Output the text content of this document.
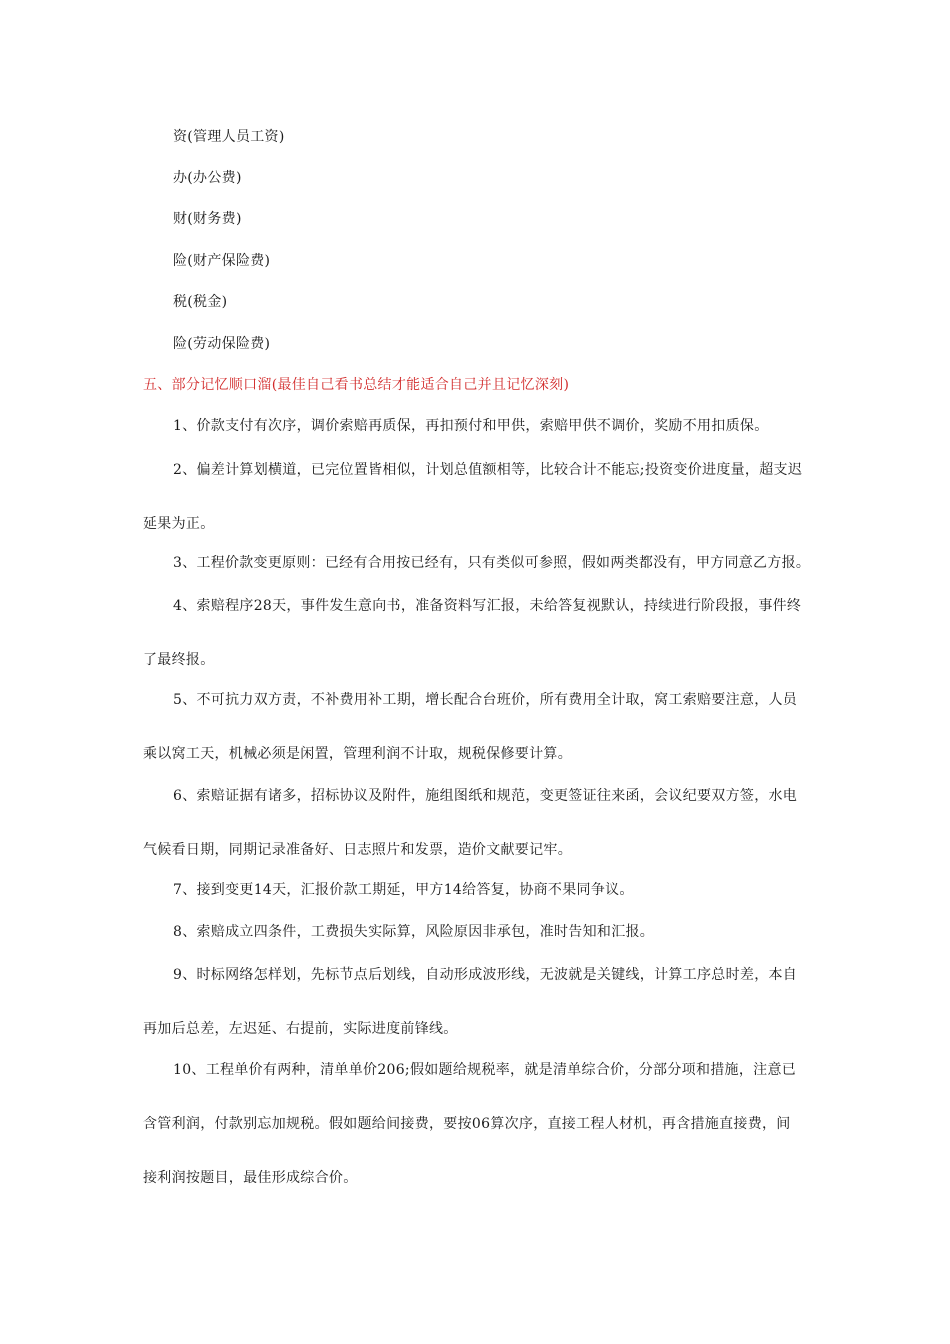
资(管理人员工资)
办(办公费)
财(财务费)
险(财产保险费)
税(税金)
险(劳动保险费)
五、部分记忆顺口溜(最佳自己看书总结才能适合自己并且记忆深刻)
1、价款支付有次序，调价索赔再质保，再扣预付和甲供，索赔甲供不调价，奖励不用扣质保。
2、偏差计算划横道，已完位置皆相似，计划总值额相等，比较合计不能忘;投资变价进度量，超支迟
延果为正。
3、工程价款变更原则：已经有合用按已经有，只有类似可参照，假如两类都没有，甲方同意乙方报。
4、索赔程序28天，事件发生意向书，准备资料写汇报，未给答复视默认，持续进行阶段报，事件终
了最终报。
5、不可抗力双方责，不补费用补工期，增长配合台班价，所有费用全计取，窝工索赔要注意，人员
乘以窝工天，机械必须是闲置，管理利润不计取，规税保修要计算。
6、索赔证据有诸多，招标协议及附件，施组图纸和规范，变更签证往来函，会议纪要双方签，水电
气候看日期，同期记录准备好、日志照片和发票，造价文献要记牢。
7、接到变更14天，汇报价款工期延，甲方14给答复，协商不果同争议。
8、索赔成立四条件，工费损失实际算，风险原因非承包，准时告知和汇报。
9、时标网络怎样划，先标节点后划线，自动形成波形线，无波就是关键线，计算工序总时差，本自
再加后总差，左迟延、右提前，实际进度前锋线。
10、工程单价有两种，清单单价206;假如题给规税率，就是清单综合价，分部分项和措施，注意已
含管利润，付款别忘加规税。假如题给间接费，要按06算次序，直接工程人材机，再含措施直接费，间
接利润按题目，最佳形成综合价。
